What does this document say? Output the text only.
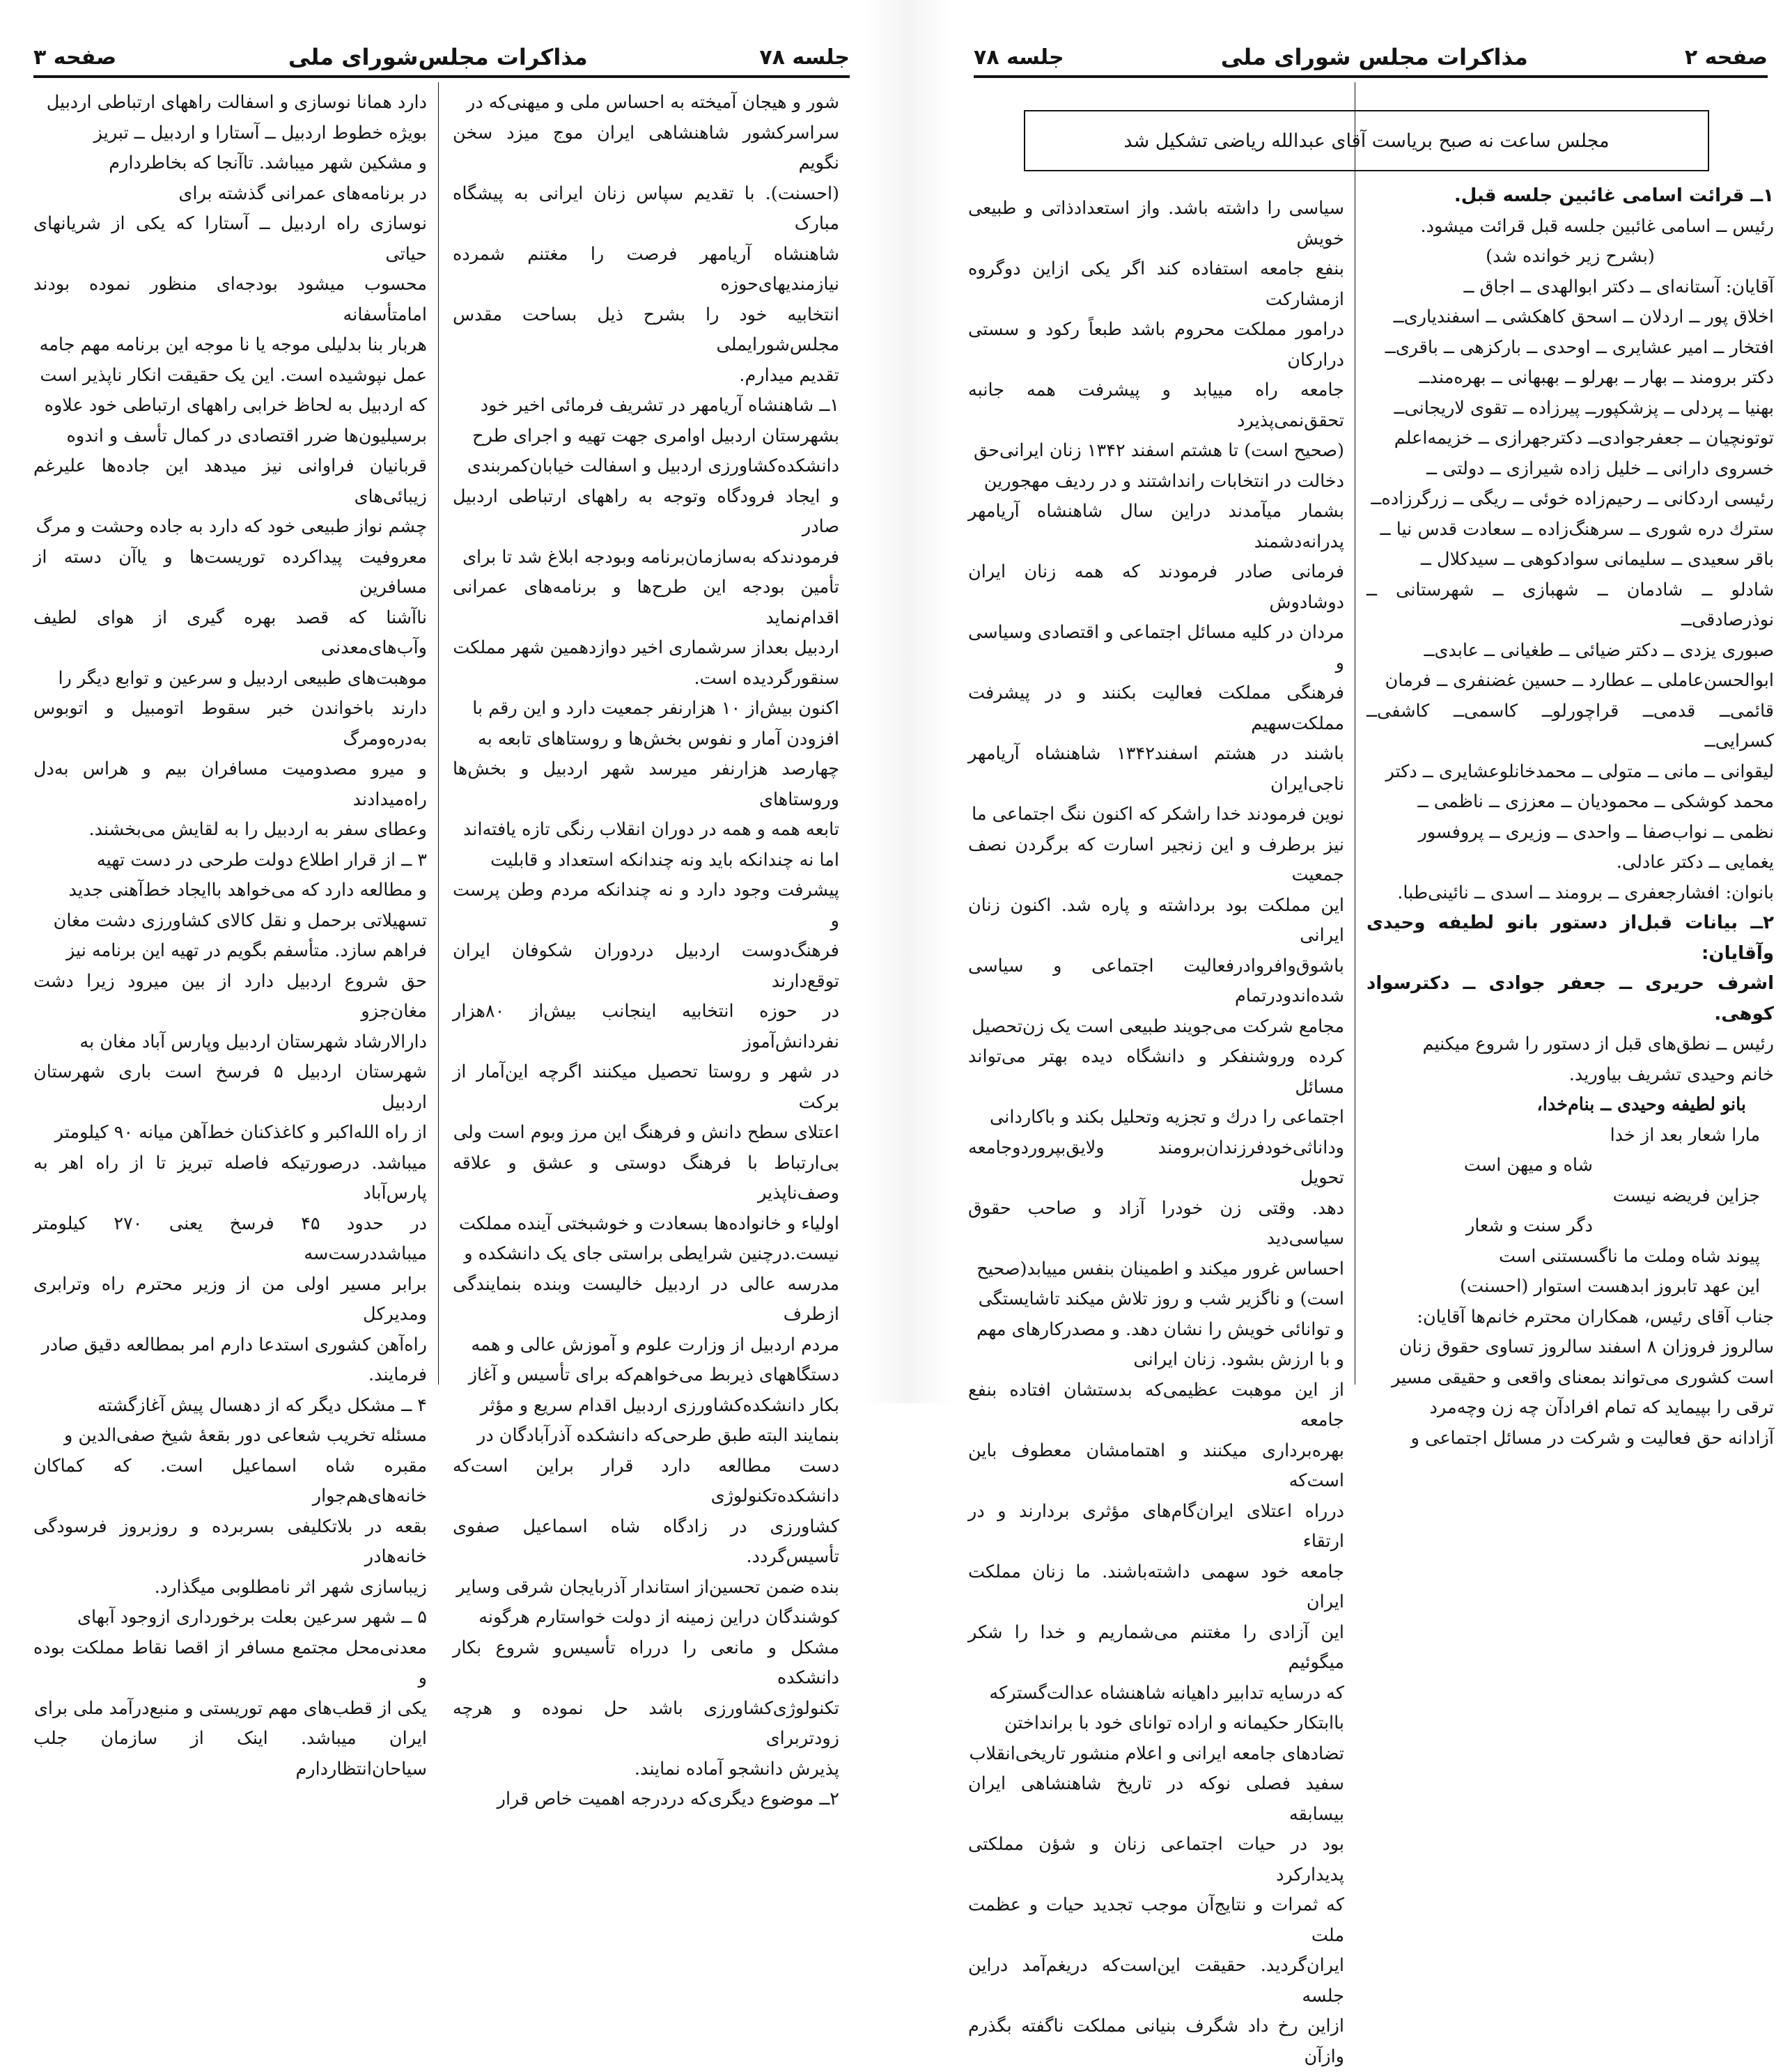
جلسه ۷۸
مذاکرات مجلس‌شورای ملی
صفحه ۳

شور و هیجان آمیخته به احساس ملی و میهنی‌که در

سراسرکشور شاهنشاهی ایران موج میزد سخن نگویم

(احسنت). با تقدیم سپاس زنان ایرانی به پیشگاه مبارک

شاهنشاه آریامهر فرصت را مغتنم شمرده نیازمندیهای‌حوزه

انتخابیه خود را بشرح ذیل بساحت مقدس مجلس‌شورایملی

تقدیم میدارم.

۱ــ شاهنشاه آریامهر در تشریف فرمائی اخیر خود

بشهرستان اردبیل اوامری جهت تهیه و اجرای طرح

دانشکده‌کشاورزی اردبیل و اسفالت خیابان‌کمربندی

و ایجاد فرودگاه وتوجه به راههای ارتباطی اردبیل صادر

فرمودند‌که به‌سازمان‌برنامه وبودجه ابلاغ شد تا برای

تأمین بودجه این طرح‌ها و برنامه‌های عمرانی اقدام‌نماید

اردبیل بعداز سرشماری اخیر دوازدهمین شهر مملکت

سنقورگردیده است.

اکنون بیش‌از ۱۰ هزارنفر جمعیت دارد و این رقم با

افزودن آمار و نفوس بخش‌ها و روستاهای تابعه به

چهارصد هزارنفر میرسد شهر اردبیل و بخش‌ها وروستاهای

تابعه همه و همه در دوران انقلاب رنگی تازه یافته‌اند

اما نه چندانکه باید ونه چندانکه استعداد و قابلیت

پیشرفت وجود دارد و نه چندانکه مردم وطن پرست و

فرهنگ‌دوست اردبیل دردوران شکوفان ایران توقع‌دارند

در حوزه انتخابیه اینجانب بیش‌از ۸۰هزار نفردانش‌آموز

در شهر و روستا تحصیل میکنند اگرچه این‌آمار از برکت

اعتلای سطح دانش و فرهنگ این مرز وبوم است ولی

بی‌ارتباط با فرهنگ دوستی و عشق و علاقه وصف‌ناپذیر

اولیاء و خانواده‌ها بسعادت و خوشبختی آینده مملکت

نیست.درچنین شرایطی براستی جای یک دانشکده و

مدرسه عالی در اردبیل خالیست وبنده بنمایندگی ازطرف

مردم اردبیل از وزارت علوم و آموزش عالی و همه

دستگاههای ذیربط می‌خواهم‌که برای تأسیس و آغاز

بکار دانشکده‌کشاورزی اردبیل اقدام سریع و مؤثر

بنمایند البته طبق طرحی‌که دانشکده آذرآبادگان در

دست مطالعه دارد قرار براین است‌که دانشکده‌تکنولوژی

کشاورزی در زادگاه شاه اسماعیل صفوی تأسیس‌گردد.

بنده ضمن تحسین‌از استاندار آذربایجان شرقی وسایر

کوشندگان دراین زمینه از دولت خواستارم هرگونه

مشکل و مانعی را درراه تأسیس‌و شروع بکار دانشکده

تکنولوژی‌کشاورزی باشد حل نموده و هرچه زودتربرای

پذیرش دانشجو آماده نمایند.

۲ــ موضوع دیگری‌که دردرجه اهمیت خاص قرار

دارد همانا نوسازی و اسفالت راههای ارتباطی اردبیل

بویژه خطوط اردبیل ــ آستارا و اردبیل ــ تبریز

و مشکین شهر میباشد. تاآنجا که بخاطردارم

در برنامه‌های عمرانی گذشته برای

نوسازی راه اردبیل ــ آستارا که یکی از شریانهای حیاتی

محسوب میشود بودجه‌ای منظور نموده بودند امامتأسفانه

هربار بنا بدلیلی موجه یا نا موجه این برنامه مهم جامه

عمل نپوشیده است. این یک حقیقت انکار ناپذیر است

که اردبیل به لحاظ خرابی راههای ارتباطی خود علاوه

برسیلیون‌ها ضرر اقتصادی در کمال تأسف و اندوه

قربانیان فراوانی نیز میدهد این جاده‌ها علیرغم زیبائی‌های

چشم نواز طبیعی خود که دارد به جاده وحشت و مرگ

معروفیت پیداکرده توریست‌ها و یاآن دسته از مسافرین

ناآشنا که قصد بهره گیری از هوای لطیف وآب‌های‌معدنی

موهبت‌های طبیعی اردبیل و سرعین و توابع دیگر را

دارند باخواندن خبر سقوط اتومبیل و اتوبوس به‌دره‌ومرگ

و میرو مصدومیت مسافران بیم و هراس به‌دل راه‌میدادند

وعطای سفر به اردبیل را به لقایش می‌بخشند.

۳ ــ از قرار اطلاع دولت طرحی در دست تهیه

و مطالعه دارد که می‌خواهد باایجاد خط‌آهنی جدید

تسهیلاتی برحمل و نقل کالای کشاورزی دشت مغان

فراهم سازد. متأسفم بگویم در تهیه این برنامه نیز

حق شروع اردبیل دارد از بین میرود زیرا دشت مغان‌جزو

دارالارشاد شهرستان اردبیل وپارس آباد مغان به

شهرستان اردبیل ۵ فرسخ است باری شهرستان اردبیل

از راه الله‌اکبر و کاغذکنان خط‌آهن میانه ۹۰ کیلومتر

میباشد. درصورتیکه فاصله تبریز تا از راه اهر به پارس‌آباد

در حدود ۴۵ فرسخ یعنی ۲۷۰ کیلومتر میباشددرست‌سه

برابر مسیر اولی من از وزیر محترم راه وترابری ومدیرکل

راه‌آهن کشوری استدعا دارم امر بمطالعه دقیق صادر

فرمایند.

۴ ــ مشکل دیگر که از دهسال پیش آغازگشته

مسئله تخریب شعاعی دور بقعهٔ شیخ صفی‌الدین و

مقبره شاه اسماعیل است. که کماکان خانه‌های‌هم‌جوار

بقعه در بلاتکلیفی بسربرده و روزبروز فرسودگی خانه‌هادر

زیباسازی شهر اثر نامطلوبی میگذارد.

۵ ــ شهر سرعین بعلت برخورداری ازوجود آبهای

معدنی‌محل مجتمع مسافر از اقصا نقاط مملکت بوده و

یکی از قطب‌های مهم توریستی و منبع‌درآمد ملی برای

ایران میباشد. اینک از سازمان جلب سیاحان‌انتظاردارم

صفحه ۲
مذاکرات مجلس شورای ملی
جلسه ۷۸
مجلس ساعت نه صبح بریاست آقای عبدالله ریاضی تشکیل شد

سیاسی را داشته باشد. واز استعدادذاتی و طبیعی خویش

بنفع جامعه استفاده کند اگر یکی ازاین دوگروه ازمشارکت

درامور مملکت محروم باشد طبعاً رکود و سستی درارکان

جامعه راه مییابد و پیشرفت همه جانبه تحقق‌نمی‌پذیرد

(صحیح است) تا هشتم اسفند ۱۳۴۲ زنان ایرانی‌حق

دخالت در انتخابات رانداشتند و در ردیف مهجورین

بشمار میآمدند دراین سال شاهنشاه آریامهر پدرانه‌دشمند

فرمانی صادر فرمودند که همه زنان ایران دوشادوش

مردان در کلیه مسائل اجتماعی و اقتصادی وسیاسی و

فرهنگی مملکت فعالیت بکنند و در پیشرفت مملکت‌سهیم

باشند در هشتم اسفند۱۳۴۲ شاهنشاه آریامهر ناجی‌ایران

نوین فرمودند خدا راشکر که اکنون ننگ اجتماعی ما

نیز برطرف و این زنجیر اسارت که برگردن نصف جمعیت

این مملکت بود برداشته و پاره شد. اکنون زنان ایرانی

باشوق‌وافروادرفعالیت اجتماعی و سیاسی شده‌اندودرتمام

مجامع شرکت می‌جویند طبیعی است یک زن‌تحصیل

کرده وروشنفکر و دانشگاه دیده بهتر می‌تواند مسائل

اجتماعی را درك و تجزیه وتحلیل بکند و باکاردانی

وداناثی‌خودفرزندان‌برومند ولایق‌بپرورد‌وجامعه تحویل

دهد. وقتی زن خودرا آزاد و صاحب حقوق سیاسی‌دید

احساس غرور میکند و اطمینان بنفس مییابد(صحیح

است) و ناگزیر شب و روز تلاش میکند تاشایستگی

و توانائی خویش را نشان دهد. و مصدرکارهای مهم

و با ارزش بشود. زنان ایرانی

از این موهبت عظیمی‌که بدستشان افتاده بنفع جامعه

بهره‌برداری میکنند و اهتمامشان معطوف باین است‌که

درراه اعتلای ایران‌گام‌های مؤثری بردارند و در ارتقاء

جامعه خود سهمی داشته‌باشند. ما زنان مملکت ایران

این آزادی را مغتنم می‌شماریم و خدا را شکر میگوئیم

که درسایه تدابیر داهیانه شاهنشاه عدالت‌گسترکه

باابتکار حکیمانه و اراده توانای خود با برانداختن

تضادهای جامعه ایرانی و اعلام منشور تاریخی‌انقلاب

سفید فصلی نوکه در تاریخ شاهنشاهی ایران بیسابقه

بود در حیات اجتماعی زنان و شؤن مملکتی پدیدارکرد

که ثمرات و نتایج‌آن موجب تجدید حیات و عظمت ملت

ایران‌گردید. حقیقت این‌است‌که دریغم‌آمد دراین جلسه

ازاین رخ داد شگرف بنیانی مملکت ناگفته بگذرم وازآن

۱ــ قرائت اسامی غائبین جلسه قبل.

رئیس ــ اسامی غائبین جلسه قبل قرائت میشود.

(بشرح زیر خوانده شد)

آقایان: آستانه‌ای ــ دکتر ابوالهدی ــ اجاق ــ

اخلاق پور ــ اردلان ــ اسحق کاهکشی ــ اسفندیاری‌ــ

افتخار ــ امیر عشایری ــ اوحدی ــ بارکزهی ــ باقری‌ــ

دکتر برومند ــ بهار ــ بهرلو ــ بهبهانی ــ بهره‌مند‌ــ

بهنیا ــ پردلی ــ پزشکپور‌ــ پیرزاده ــ تقوی لاریجانی‌ــ

توتونچیان ــ جعفرجوادی‌ــ دکترجهرازی ــ خزیمه‌اعلم

خسروی دارانی ــ خلیل زاده شیرازی ــ دولتی ــ

رئیسی اردکانی ــ رحیم‌زاده خوئی ــ ریگی ــ زرگرزاده‌ــ

سترك دره شوری ــ سرهنگ‌زاده ــ سعادت قدس نیا ــ

باقر سعیدی ــ سلیمانی سوادکوهی ــ سید‌کلال ــ

شادلو ــ شادمان ــ شهبازی ــ شهرستانی ــ نوذرصادقی‌ــ

صبوری یزدی ــ دکتر ضیائی ــ طغیانی ــ عابدی‌ــ

ابوالحسن‌عاملی ــ عطارد ــ حسین غضنفری ــ فرمان

قائمی‌ــ قدمی‌ــ قراچورلو‌ــ کاسمی‌ــ کاشفی‌ــ کسرایی‌ــ

لیقوانی ــ مانی ــ متولی ــ محمدخانلوعشایری ــ دکتر

محمد کوشکی ــ محمودیان ــ معززی ــ ناظمی ــ

نظمی ــ نواب‌صفا ــ واحدی ــ وزیری ــ پروفسور

یغمایی ــ دکتر عادلی.

بانوان: افشارجعفری ــ برومند ــ اسدی ــ نائینی‌طبا.

۲ــ بیانات قبل‌از دستور بانو لطیفه وحیدی وآقایان:

اشرف حریری ــ جعفر جوادی ــ دکتر‌سواد کوهی.

رئیس ــ نطق‌های قبل از دستور را شروع میکنیم

خانم وحیدی تشریف بیاورید.

بانو لطیفه وحیدی ــ بنام‌خدا،

مارا شعار بعد از خدا

شاه و میهن است

جزاین فریضه نیست

دگر سنت و شعار

پیوند شاه وملت ما ناگسستنی است

این عهد تابروز ابدهست استوار (احسنت)

جناب آقای رئیس، همکاران محترم خانم‌ها آقایان:

سالروز فروزان ۸ اسفند سالروز تساوی حقوق زنان

است کشوری می‌تواند بمعنای واقعی و حقیقی مسیر

ترقی را بپیماید که تمام افرادآن چه زن وچه‌مرد

آزادانه حق فعالیت و شرکت در مسائل اجتماعی و
